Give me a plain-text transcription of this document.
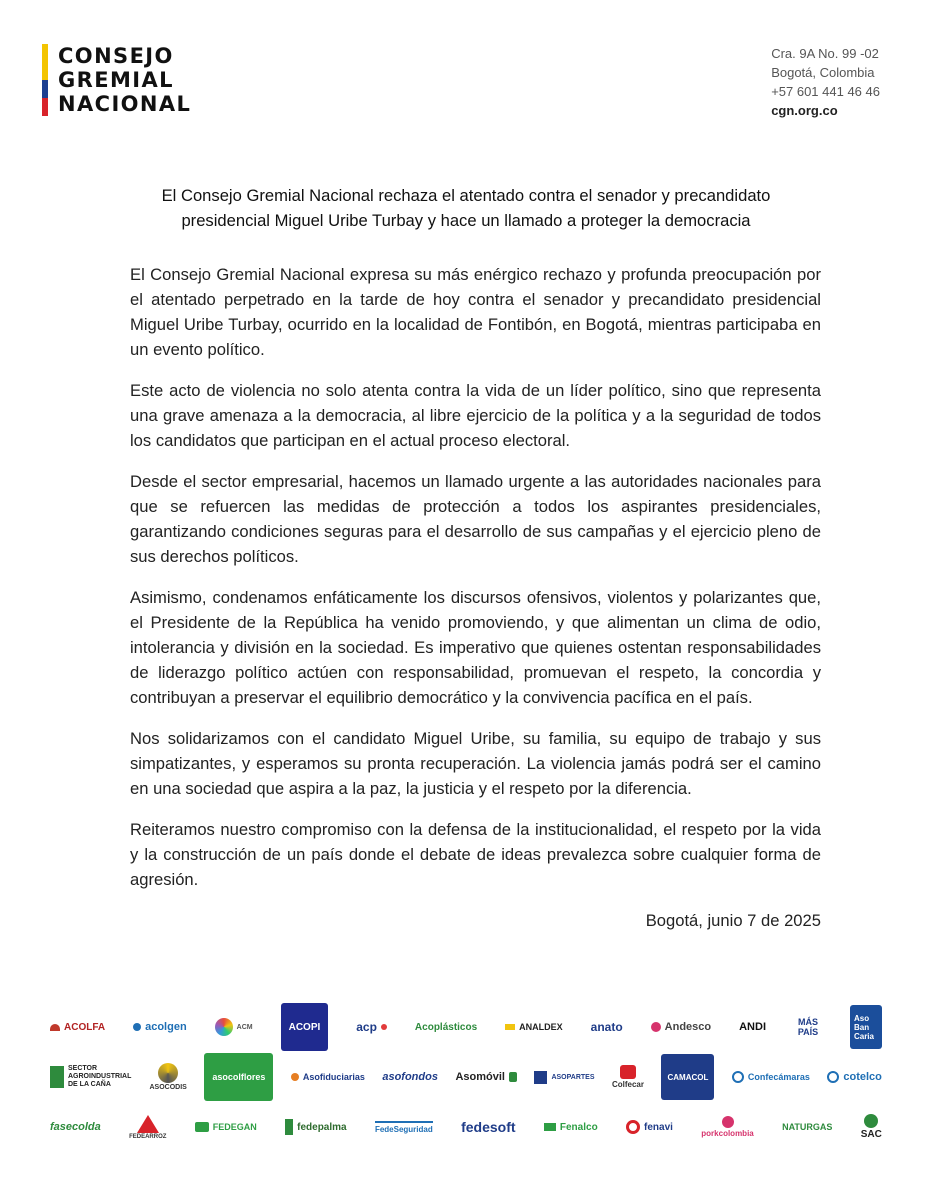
CONSEJO
GREMIAL
NACIONAL
Cra. 9A No. 99 -02
Bogotá, Colombia
+57 601 441 46 46
cgn.org.co
El Consejo Gremial Nacional rechaza el atentado contra el senador y precandidato presidencial Miguel Uribe Turbay y hace un llamado a proteger la democracia

El Consejo Gremial Nacional expresa su más enérgico rechazo y profunda preocupación por el atentado perpetrado en la tarde de hoy contra el senador y precandidato presidencial Miguel Uribe Turbay, ocurrido en la localidad de Fontibón, en Bogotá, mientras participaba en un evento político.

Este acto de violencia no solo atenta contra la vida de un líder político, sino que representa una grave amenaza a la democracia, al libre ejercicio de la política y a la seguridad de todos los candidatos que participan en el actual proceso electoral.

Desde el sector empresarial, hacemos un llamado urgente a las autoridades nacionales para que se refuercen las medidas de protección a todos los aspirantes presidenciales, garantizando condiciones seguras para el desarrollo de sus campañas y el ejercicio pleno de sus derechos políticos.

Asimismo, condenamos enfáticamente los discursos ofensivos, violentos y polarizantes que, el Presidente de la República ha venido promoviendo, y que alimentan un clima de odio, intolerancia y división en la sociedad. Es imperativo que quienes ostentan responsabilidades de liderazgo político actúen con responsabilidad, promuevan el respeto, la concordia y contribuyan a preservar el equilibrio democrático y la convivencia pacífica en el país.

Nos solidarizamos con el candidato Miguel Uribe, su familia, su equipo de trabajo y sus simpatizantes, y esperamos su pronta recuperación. La violencia jamás podrá ser el camino en una sociedad que aspira a la paz, la justicia y el respeto por la diferencia.

Reiteramos nuestro compromiso con la defensa de la institucionalidad, el respeto por la vida y la construcción de un país donde el debate de ideas prevalezca sobre cualquier forma de agresión.

Bogotá, junio 7 de 2025

ACOLFA	acolgen	ACM	ACOPI	acp	Acoplásticos	ANALDEX anato	Andesco	ANDI	MÁS PAÍS
Aso Ban Caria
SECTOR AGROINDUSTRIAL DE LA CAÑA	ASOCODIS
asocolflores	Asofiduciarias asofondos Asomóvil	ASOPARTES
Colfecar
CAMACOL	Confecámaras	cotelco
fasecolda
FEDEARROZ
FEDEGAN	fedepalma	FedeSeguridad fedesoft	Fenalco	fenavi
porkcolombia
NATURGAS
SAC
